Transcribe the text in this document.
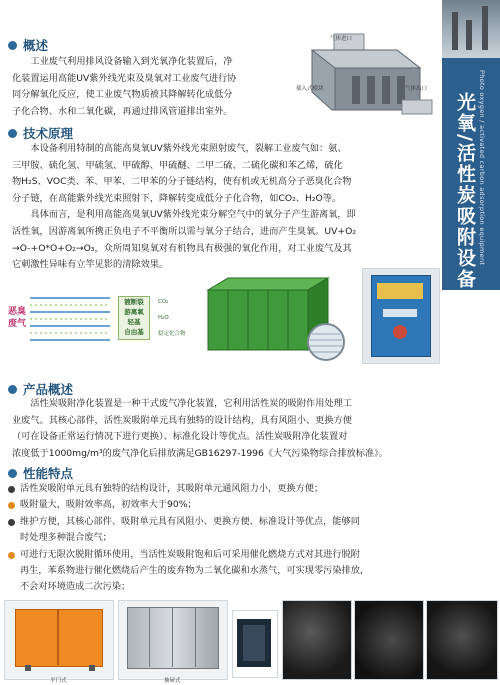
光氧/活性炭吸附设备 Photo oxygen / activated carbon adsorption equipment
概述

工业废气利用排风设备输入到光氧净化装置后，净

化装置运用高能UV紫外线光束及臭氧对工业废气进行协

同分解氧化反应，使工业废气物质被其降解转化成低分

子化合物、水和二氧化碳，再通过排风管道排出室外。

气体进口
插入式模块	气体出口
技术原理

本设备利用特制的高能高臭氧UV紫外线光束照射废气，裂解工业废气如：氨、

三甲胺、硫化氢、甲硫氢、甲硫醇、甲硫醚、二甲二硫、二硫化碳和苯乙烯，硫化

物H₂S、VOC类、苯、甲苯、二甲苯的分子链结构，使有机或无机高分子恶臭化合物

分子链，在高能紫外线光束照射下，降解转变成低分子化合物，如CO₂、H₂O等。

具体而言，是利用高能高臭氧UV紫外线光束分解空气中的氧分子产生游离氧，即

活性氧，因游离氧所携正负电子不平衡所以需与氧分子结合，进而产生臭氧。UV+O₂

→O-+O*O+O₂→O₃，众所周知臭氧对有机物具有极强的氧化作用，对工业废气及其

它刺激性异味有立竿见影的清除效果。

恶臭废气
镀断裂
游离氧
轻基
自由基
CO₂
H₂O
稳定化合物
产品概述

活性炭吸附净化装置是一种干式废气净化装置，它利用活性炭的吸附作用处理工

业废气。其核心部件，活性炭吸附单元具有独特的设计结构，具有风阻小、更换方便

（可在设备正常运行情况下进行更换）、标准化设计等优点。活性炭吸附净化装置对

浓度低于1000mg/m³的废气净化后排放满足GB16297-1996《大气污染物综合排放标准》。

性能特点
活性炭吸附单元具有独特的结构设计，其吸附单元通风阻力小，更换方便；
吸附量大，吸附效率高，初效率大于90%；
维护方便，其核心部件、吸附单元具有风阻小、更换方便、标准设计等优点，能够同
时处理多种混合废气；
可进行无限次脱附循环使用，当活性炭吸附饱和后可采用催化燃烧方式对其进行脱附
再生，苯系物进行催化燃烧后产生的废弃物为二氧化碳和水蒸气，可实现零污染排放，
不会对环境造成二次污染；
平门式	抽屉式
